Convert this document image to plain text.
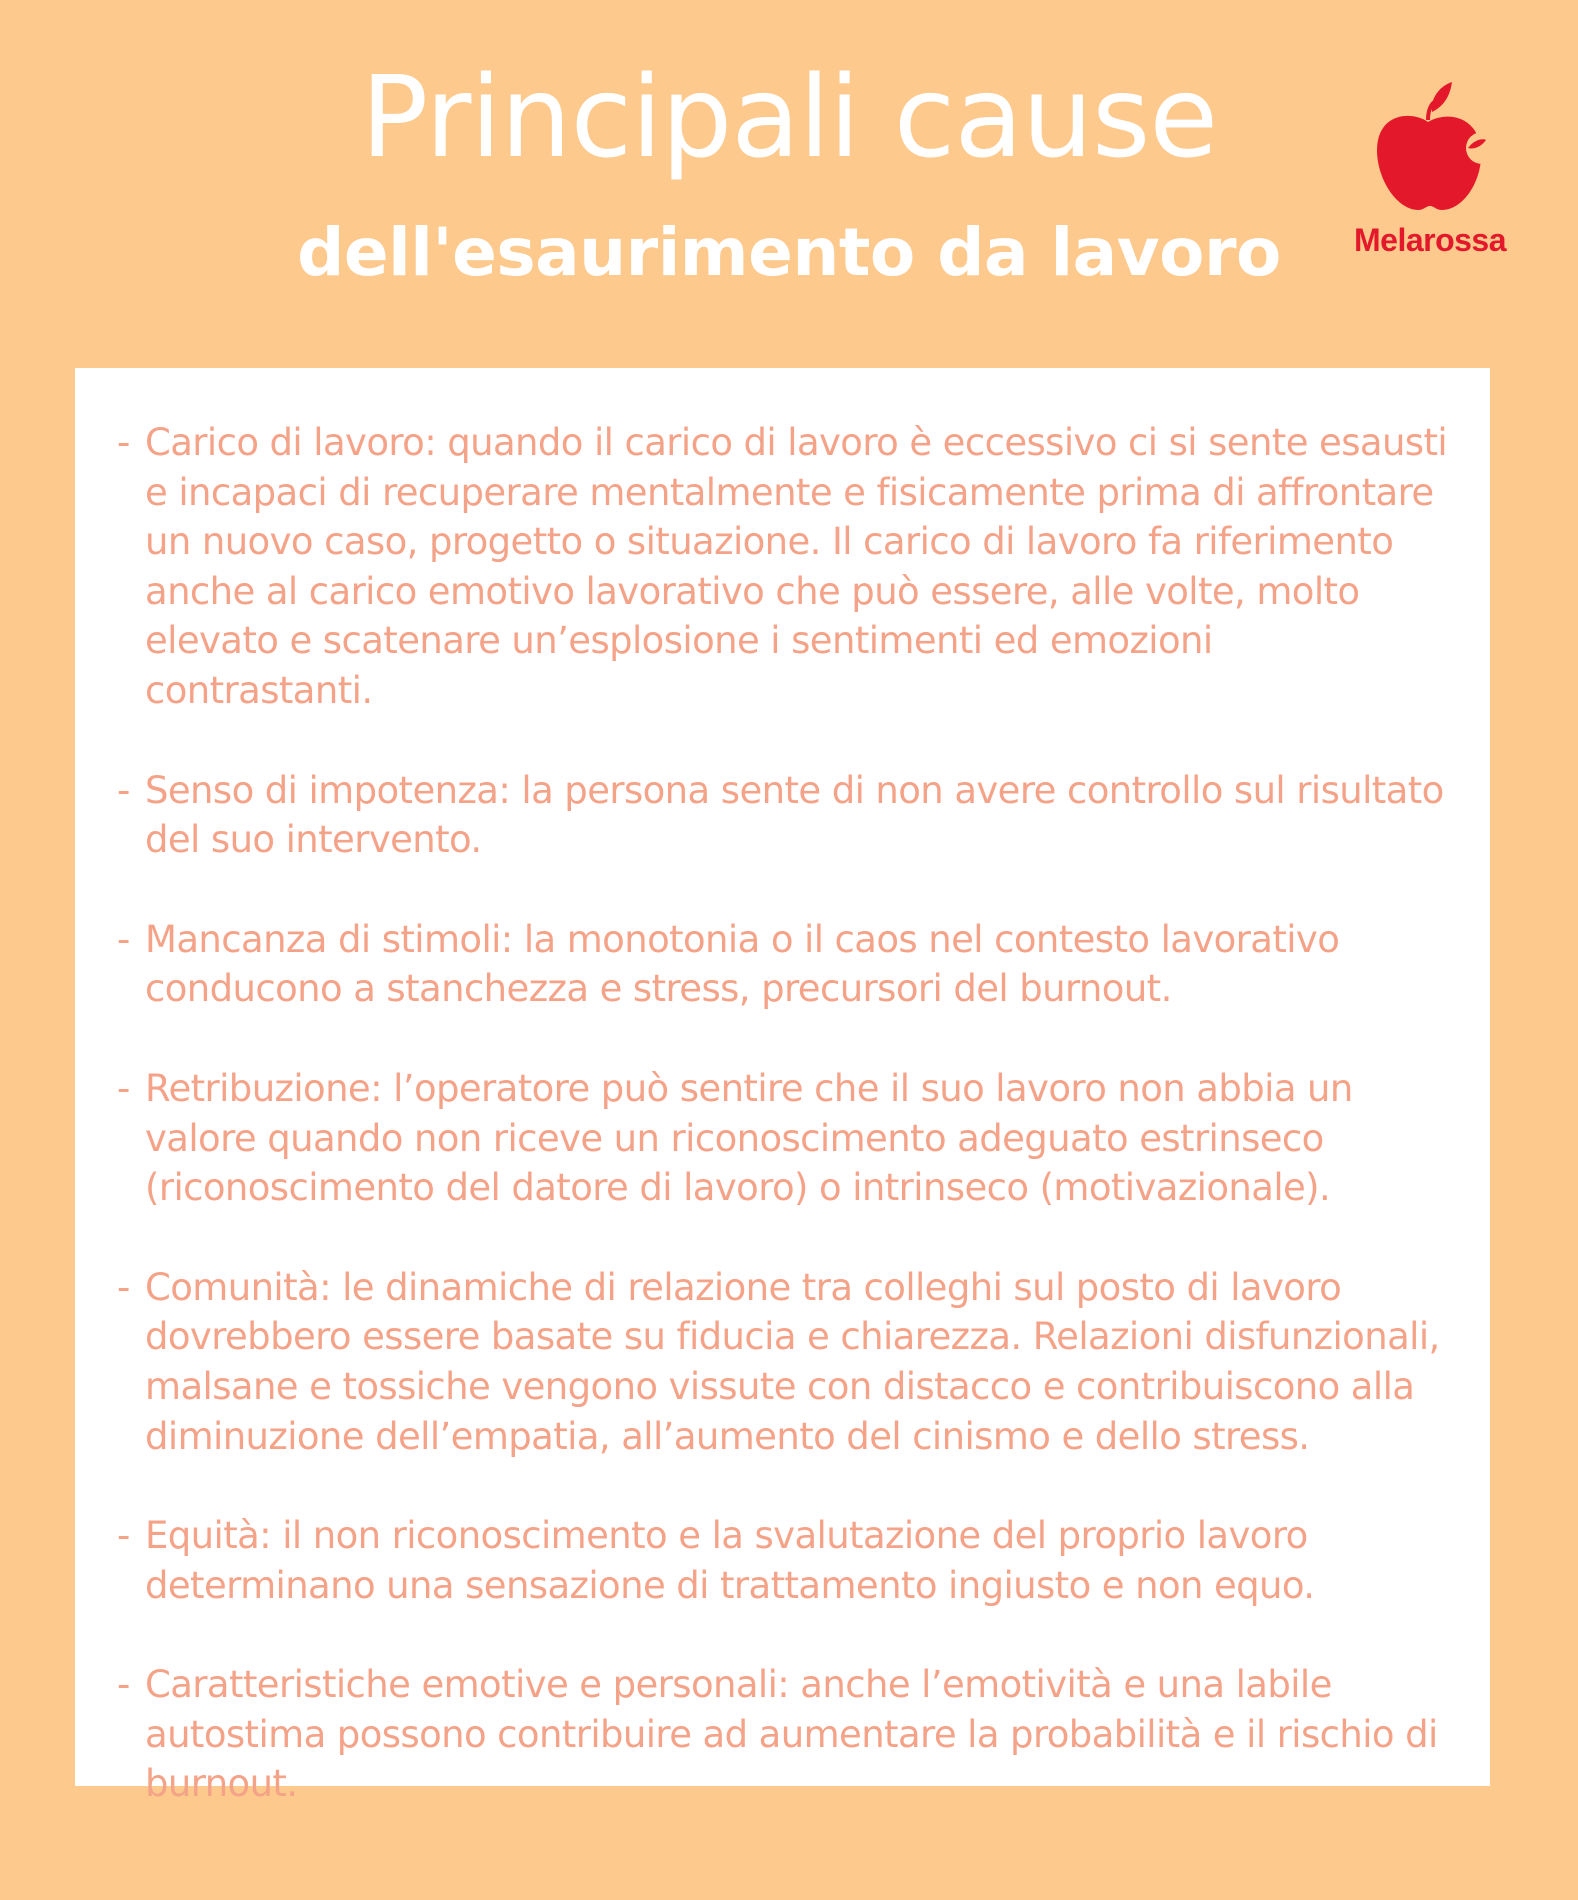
Principali cause
dell'esaurimento da lavoro	Melarossa
- Carico di lavoro: quando il carico di lavoro è eccessivo ci si sente esausti e incapaci di recuperare mentalmente e fisicamente prima di affrontare un nuovo caso, progetto o situazione. Il carico di lavoro fa riferimento anche al carico emotivo lavorativo che può essere, alle volte, molto elevato e scatenare un’esplosione i sentimenti ed emozioni contrastanti.
- Senso di impotenza: la persona sente di non avere controllo sul risultato del suo intervento.
- Mancanza di stimoli: la monotonia o il caos nel contesto lavorativo conducono a stanchezza e stress, precursori del burnout.
- Retribuzione: l’operatore può sentire che il suo lavoro non abbia un valore quando non riceve un riconoscimento adeguato estrinseco (riconoscimento del datore di lavoro) o intrinseco (motivazionale).
- Comunità: le dinamiche di relazione tra colleghi sul posto di lavoro dovrebbero essere basate su fiducia e chiarezza. Relazioni disfunzionali, malsane e tossiche vengono vissute con distacco e contribuiscono alla diminuzione dell’empatia, all’aumento del cinismo e dello stress.
- Equità: il non riconoscimento e la svalutazione del proprio lavoro determinano una sensazione di trattamento ingiusto e non equo.
- Caratteristiche emotive e personali: anche l’emotività e una labile autostima possono contribuire ad aumentare la probabilità e il rischio di burnout.
